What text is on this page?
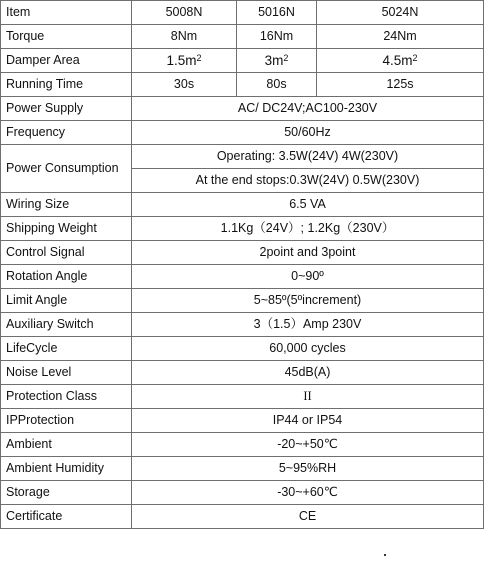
Item	5008N	5016N	5024N
Torque	8Nm	16Nm	24Nm
Damper Area	$1.5m^2$	$3m^2$	$4.5m^2$
Running Time	30s	80s	125s
Power Supply	AC/ DC24V;AC100-230V		
Frequency	50/60Hz		
Power Consumption	Operating: 3.5W(24V) 4W(230V)		
	At the end stops:0.3W(24V) 0.5W(230V)		
Wiring Size	6.5 VA		
Shipping Weight	1.1Kg（24V）; 1.2Kg（230V）		
Control Signal	2point and 3point		
Rotation Angle	0~90º		
Limit Angle	5~85º(5ºincrement)		
Auxiliary Switch	3（1.5）Amp 230V		
LifeCycle	60,000 cycles		
Noise Level	45dB(A)		
Protection Class	II		
IPProtection	IP44 or IP54		
Ambient	-20~+50℃		
Ambient Humidity	5~95%RH		
Storage	-30~+60℃		
Certificate	CE		
